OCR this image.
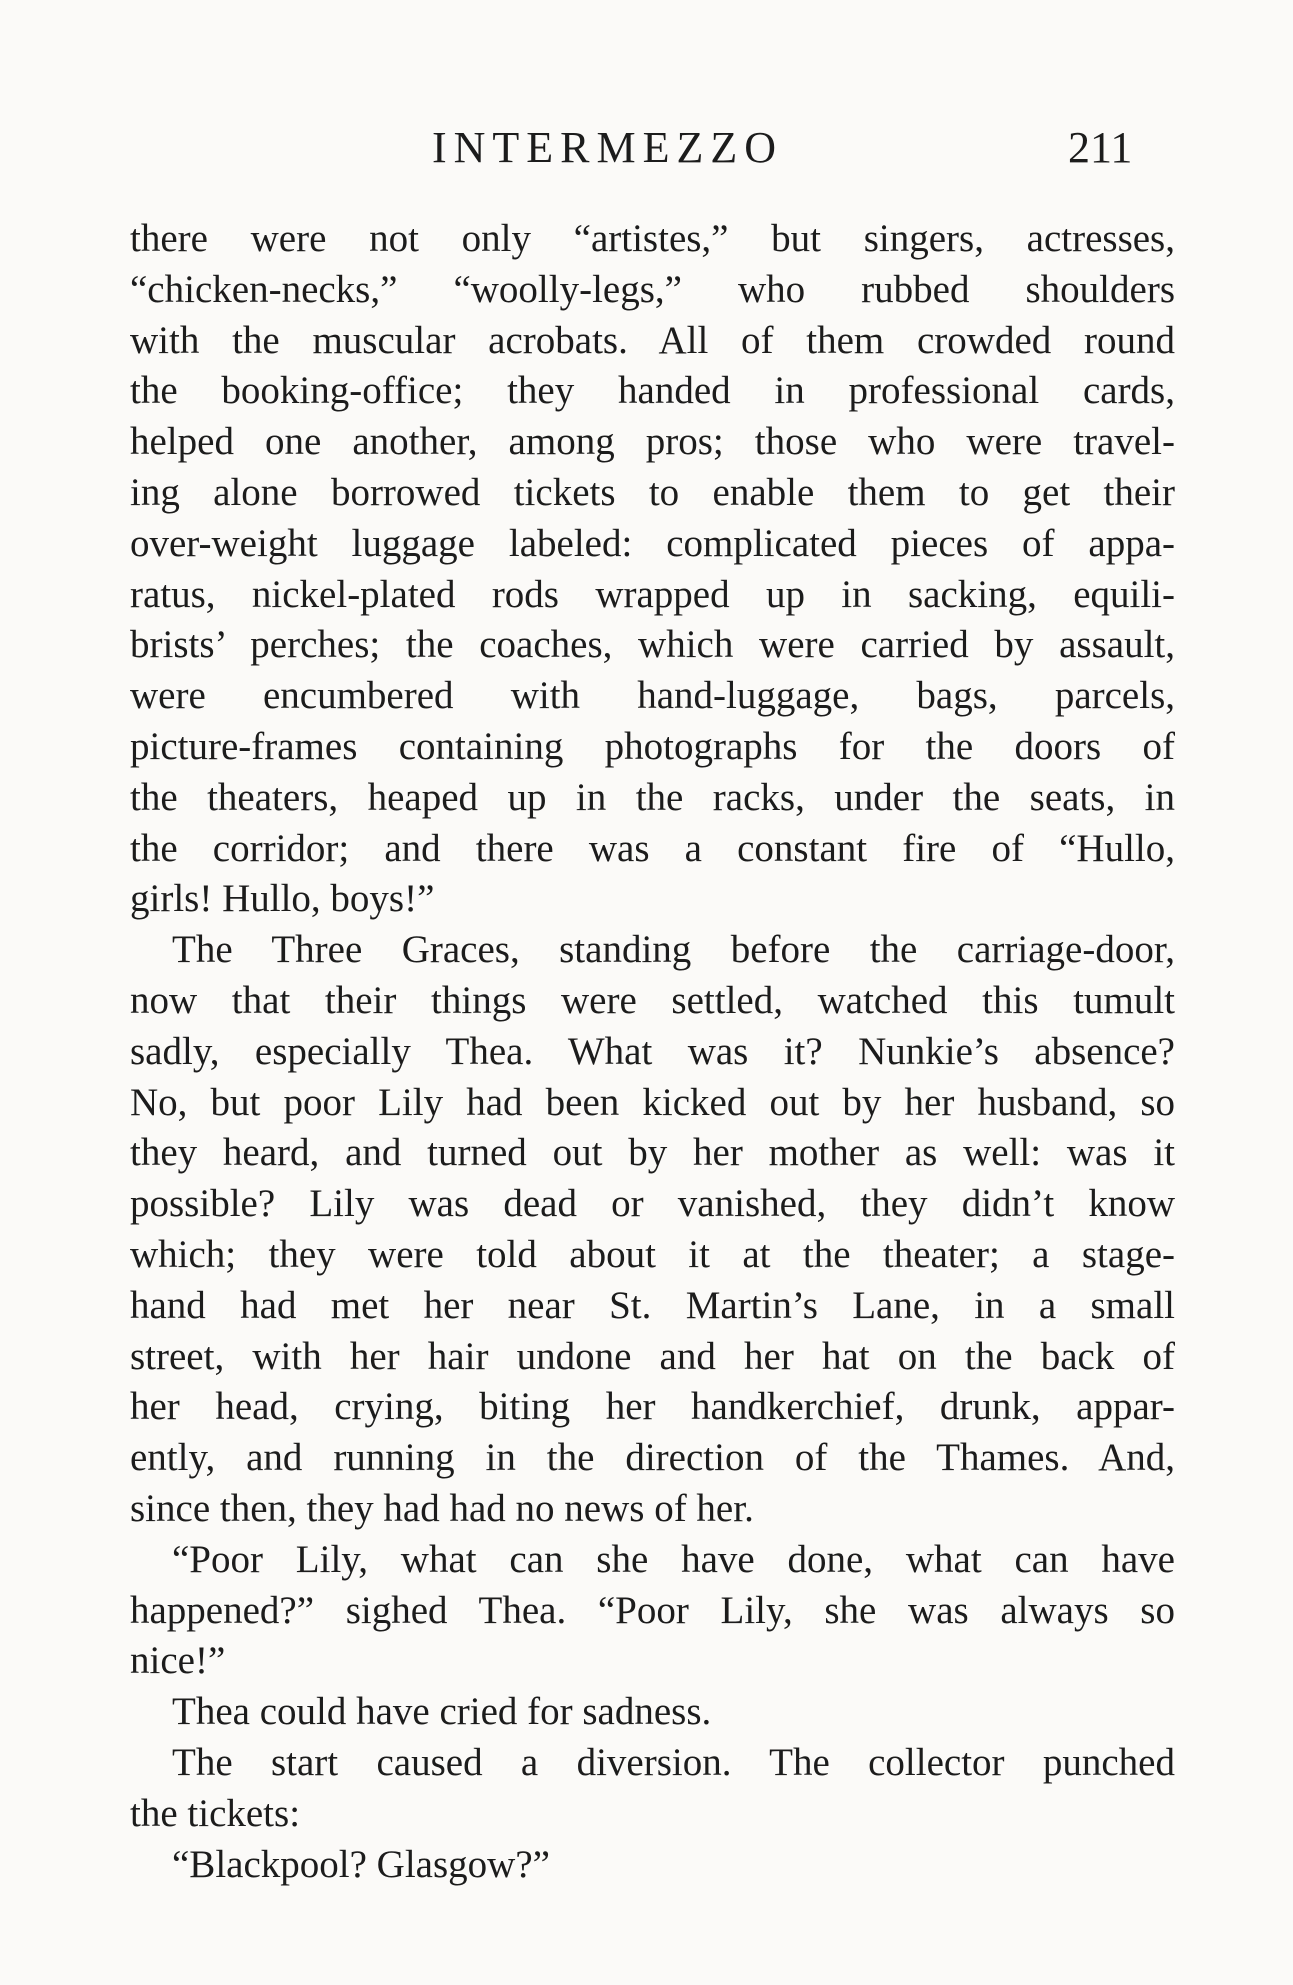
INTERMEZZO	211
there were not only “artistes,” but singers, actresses,
“chicken-necks,” “woolly-legs,” who rubbed shoulders
with the muscular acrobats. All of them crowded round
the booking-office; they handed in professional cards,
helped one another, among pros; those who were travel-
ing alone borrowed tickets to enable them to get their
over-weight luggage labeled: complicated pieces of appa-
ratus, nickel-plated rods wrapped up in sacking, equili-
brists’ perches; the coaches, which were carried by assault,
were encumbered with hand-luggage, bags, parcels,
picture-frames containing photographs for the doors of
the theaters, heaped up in the racks, under the seats, in
the corridor; and there was a constant fire of “Hullo,
girls! Hullo, boys!”
The Three Graces, standing before the carriage-door,
now that their things were settled, watched this tumult
sadly, especially Thea. What was it? Nunkie’s absence?
No, but poor Lily had been kicked out by her husband, so
they heard, and turned out by her mother as well: was it
possible? Lily was dead or vanished, they didn’t know
which; they were told about it at the theater; a stage-
hand had met her near St. Martin’s Lane, in a small
street, with her hair undone and her hat on the back of
her head, crying, biting her handkerchief, drunk, appar-
ently, and running in the direction of the Thames. And,
since then, they had had no news of her.
“Poor Lily, what can she have done, what can have
happened?” sighed Thea. “Poor Lily, she was always so
nice!”
Thea could have cried for sadness.
The start caused a diversion. The collector punched
the tickets:
“Blackpool? Glasgow?”
